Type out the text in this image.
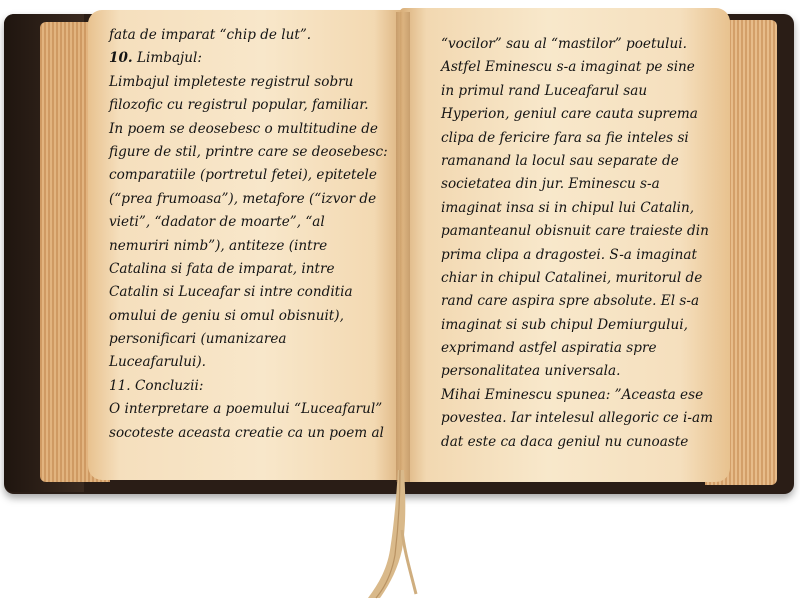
fata de imparat “chip de lut”.
10. Limbajul:
Limbajul impleteste registrul sobru
filozofic cu registrul popular, familiar.
In poem se deosebesc o multitudine de
figure de stil, printre care se deosebesc:
comparatiile (portretul fetei), epitetele
(“prea frumoasa”), metafore (“izvor de
vieti”, “dadator de moarte”, “al
nemuriri nimb”), antiteze (intre
Catalina si fata de imparat, intre
Catalin si Luceafar si intre conditia
omului de geniu si omul obisnuit),
personificari (umanizarea
Luceafarului).
11. Concluzii:
O interpretare a poemului “Luceafarul”
socoteste aceasta creatie ca un poem al
“vocilor” sau al “mastilor” poetului.
Astfel Eminescu s-a imaginat pe sine
in primul rand Luceafarul sau
Hyperion, geniul care cauta suprema
clipa de fericire fara sa fie inteles si
ramanand la locul sau separate de
societatea din jur. Eminescu s-a
imaginat insa si in chipul lui Catalin,
pamanteanul obisnuit care traieste din
prima clipa a dragostei. S-a imaginat
chiar in chipul Catalinei, muritorul de
rand care aspira spre absolute. El s-a
imaginat si sub chipul Demiurgului,
exprimand astfel aspiratia spre
personalitatea universala.
Mihai Eminescu spunea: ”Aceasta ese
povestea. Iar intelesul allegoric ce i-am
dat este ca daca geniul nu cunoaste
